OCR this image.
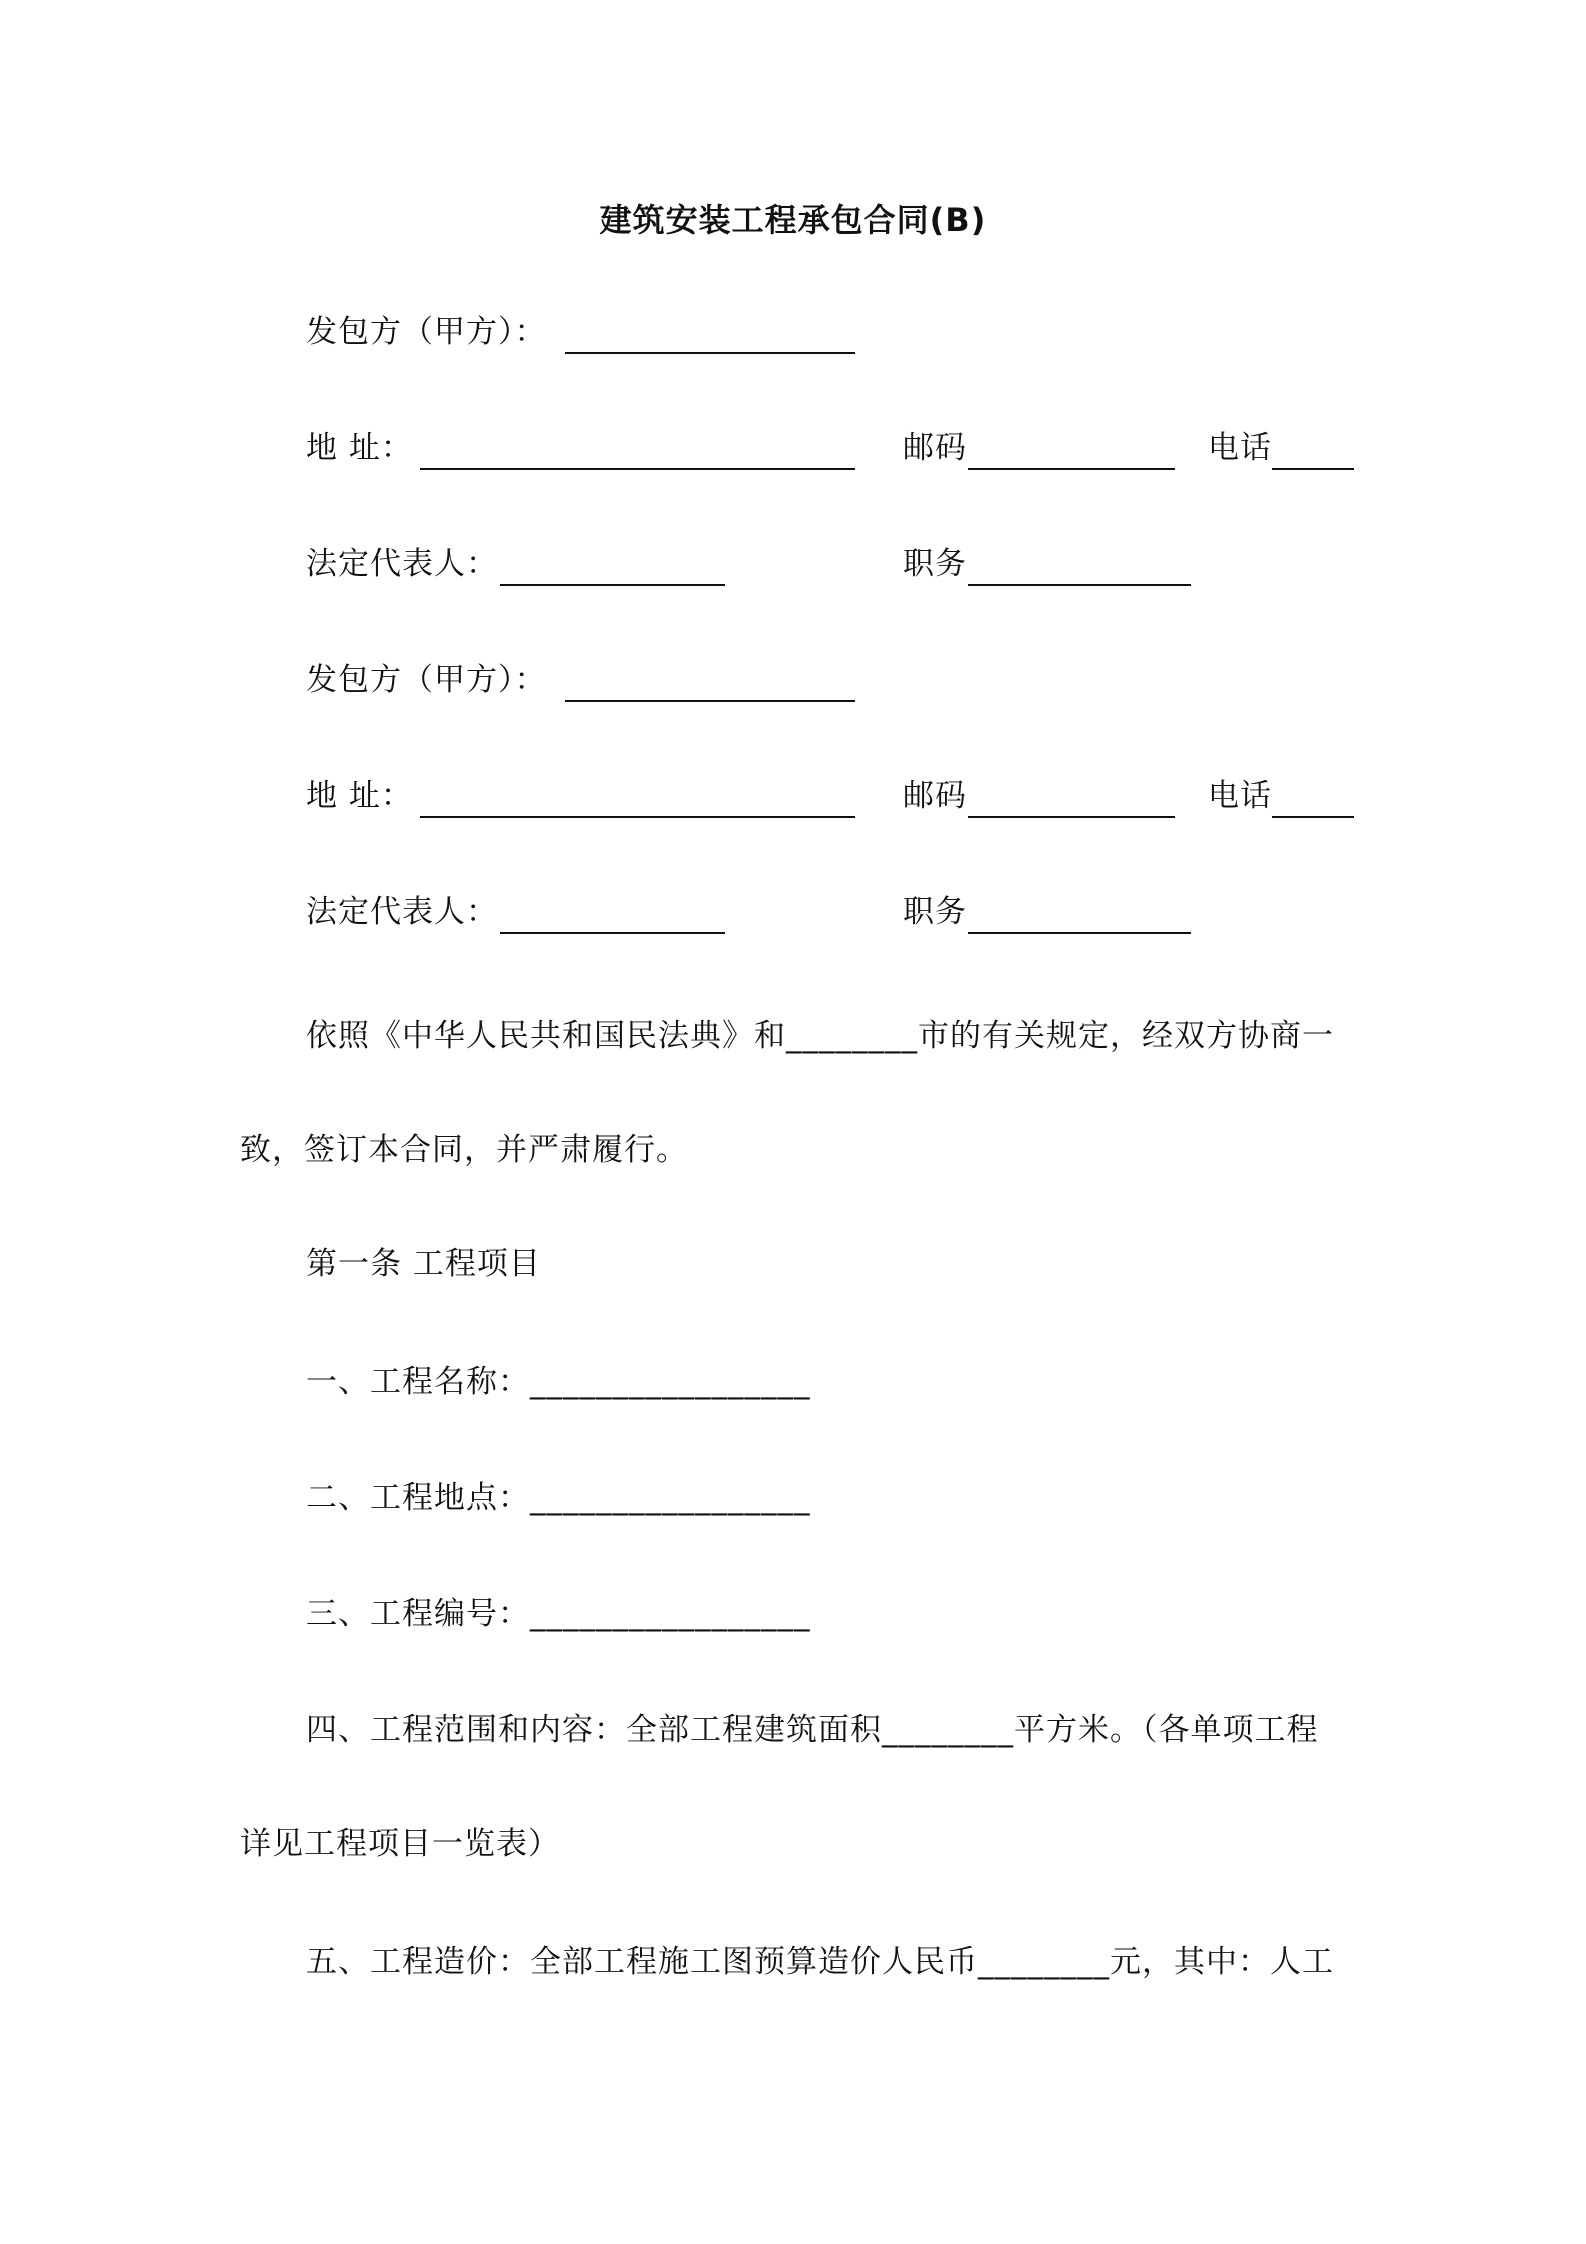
建筑安装工程承包合同(B)
发包方（甲方）：
地 址：	邮码	电话
法定代表人：	职务
发包方（甲方）：
地 址：	邮码	电话
法定代表人：	职务
依照《中华人民共和国民法典》和________市的有关规定，经双方协商一
致，签订本合同，并严肃履行。
第一条 工程项目
一、工程名称：_________________
二、工程地点：_________________
三、工程编号：_________________
四、工程范围和内容：全部工程建筑面积________平方米。（各单项工程
详见工程项目一览表）
五、工程造价：全部工程施工图预算造价人民币________元，其中：人工
